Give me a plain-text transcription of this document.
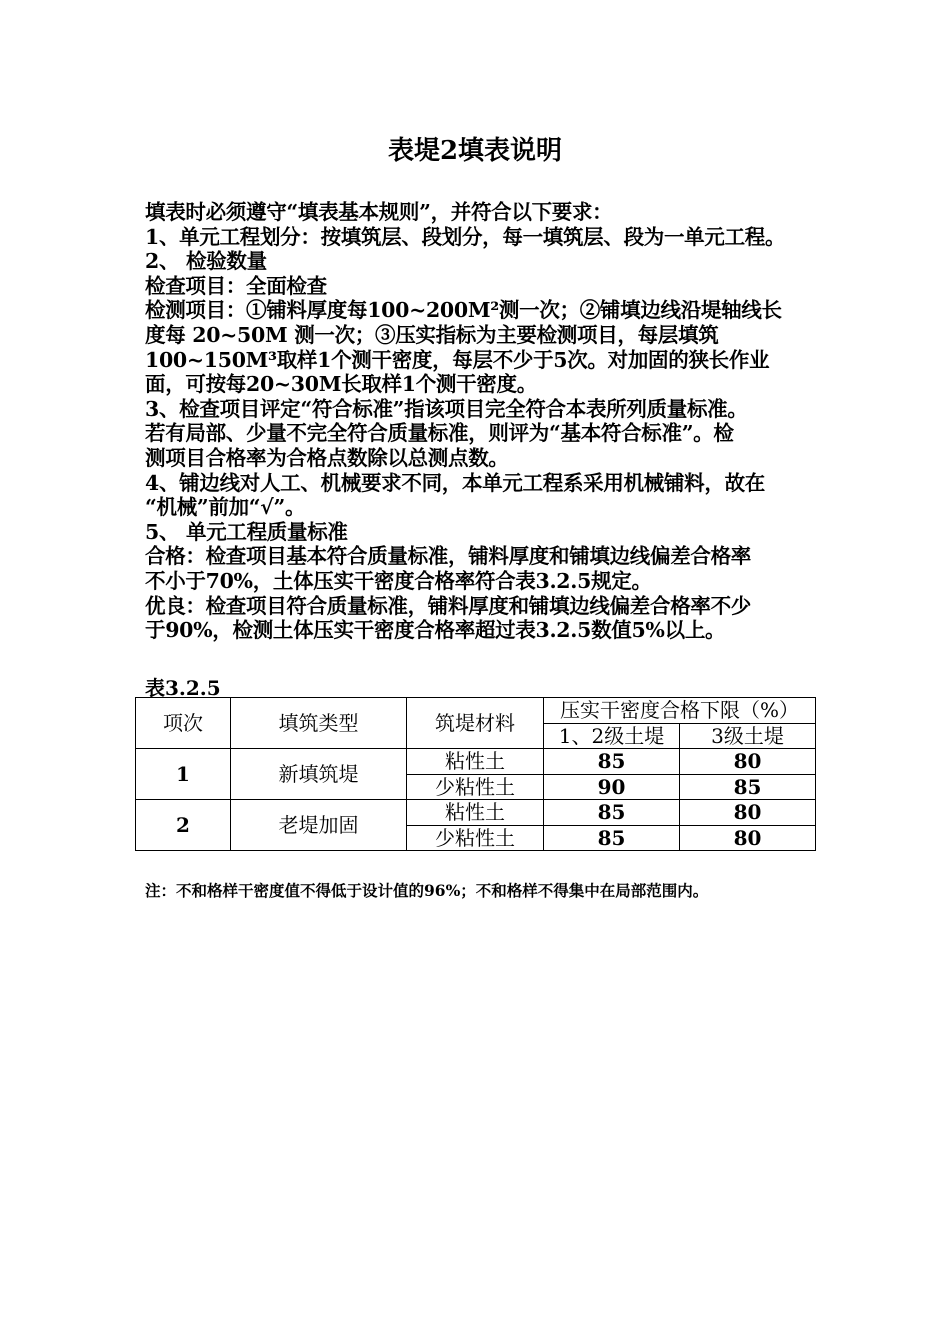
表堤2填表说明
填表时必须遵守“填表基本规则”，并符合以下要求：
1、单元工程划分：按填筑层、段划分，每一填筑层、段为一单元工程。
2、 检验数量
检查项目：全面检查
检测项目：①铺料厚度每100~200M²测一次；②铺填边线沿堤轴线长
度每 20~50M 测一次；③压实指标为主要检测项目，每层填筑
100~150M³取样1个测干密度，每层不少于5次。对加固的狭长作业
面，可按每20~30M长取样1个测干密度。
3、检查项目评定“符合标准”指该项目完全符合本表所列质量标准。
若有局部、少量不完全符合质量标准，则评为“基本符合标准”。检
测项目合格率为合格点数除以总测点数。
4、铺边线对人工、机械要求不同，本单元工程系采用机械铺料，故在
“机械”前加“√”。
5、 单元工程质量标准
合格：检查项目基本符合质量标准，铺料厚度和铺填边线偏差合格率
不小于70%，土体压实干密度合格率符合表3.2.5规定。
优良：检查项目符合质量标准，铺料厚度和铺填边线偏差合格率不少
于90%，检测土体压实干密度合格率超过表3.2.5数值5%以上。
表3.2.5
项次	填筑类型	筑堤材料	压实干密度合格下限（%）	
			1、2级土堤	3级土堤
1	新填筑堤	粘性土	85	80
		少粘性土	90	85
2	老堤加固	粘性土	85	80
		少粘性土	85	80
注：不和格样干密度值不得低于设计值的96%；不和格样不得集中在局部范围内。
